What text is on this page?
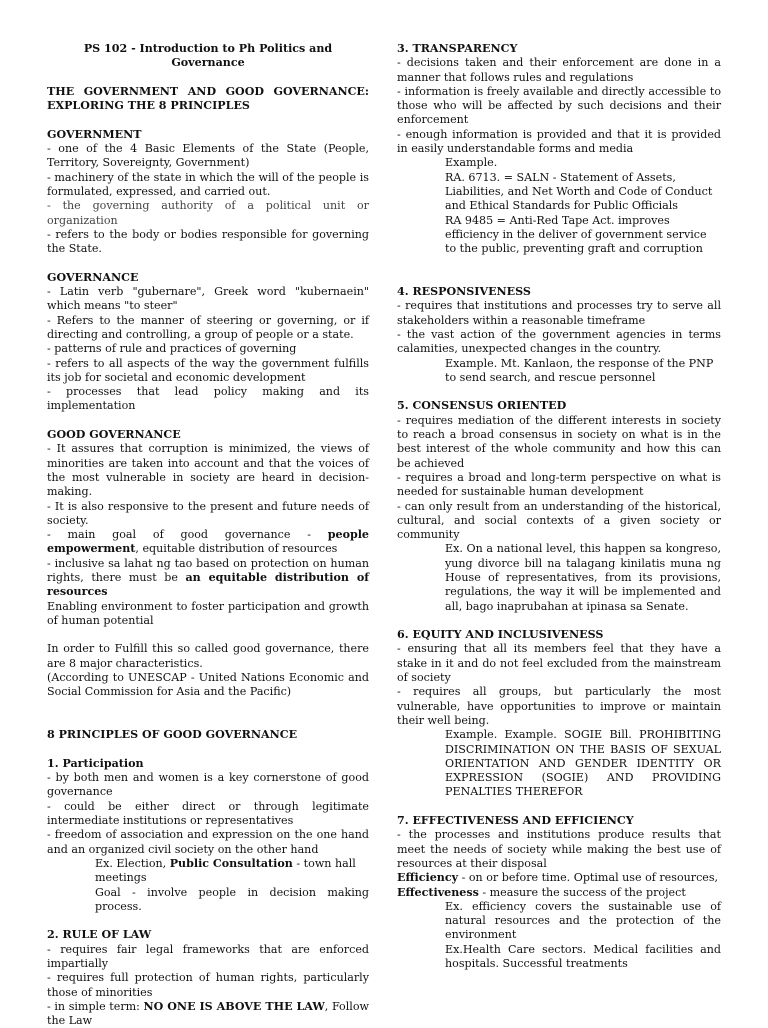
PS 102 - Introduction to Ph Politics and Governance

THE GOVERNMENT AND GOOD GOVERNANCE: EXPLORING THE 8 PRINCIPLES

GOVERNMENT

- one of the 4 Basic Elements of the State (People, Territory, Sovereignty, Government)

- machinery of the state in which the will of the people is formulated, expressed, and carried out.

- the governing authority of a political unit or organization

- refers to the body or bodies responsible for governing the State.

GOVERNANCE

- Latin verb "gubernare", Greek word "kubernaein" which means "to steer"

- Refers to the manner of steering or governing, or if directing and controlling, a group of people or a state.

- patterns of rule and practices of governing

- refers to all aspects of the way the government fulfills its job for societal and economic development

- processes that lead policy making and its implementation

GOOD GOVERNANCE

- It assures that corruption is minimized, the views of minorities are taken into account and that the voices of the most vulnerable in society are heard in decision-making.

- It is also responsive to the present and future needs of society.

- main goal of good governance - people empowerment, equitable distribution of resources

- inclusive sa lahat ng tao based on protection on human rights, there must be an equitable distribution of resources

Enabling environment to foster participation and growth of human potential

In order to Fulfill this so called good governance, there are 8 major characteristics.

(According to UNESCAP - United Nations Economic and Social Commission for Asia and the Pacific)

8 PRINCIPLES OF GOOD GOVERNANCE

1. Participation

- by both men and women is a key cornerstone of good governance

- could be either direct or through legitimate intermediate institutions or representatives

- freedom of association and expression on the one hand and an organized civil society on the other hand

Ex. Election, Public Consultation - town hall meetings

Goal - involve people in decision making process.

2. RULE OF LAW

- requires fair legal frameworks that are enforced impartially

- requires full protection of human rights, particularly those of minorities

- in simple term: NO ONE IS ABOVE THE LAW, Follow the Law

3. TRANSPARENCY

- decisions taken and their enforcement are done in a manner that follows rules and regulations

- information is freely available and directly accessible to those who will be affected by such decisions and their enforcement

- enough information is provided and that it is provided in easily understandable forms and media

Example.

RA. 6713. = SALN - Statement of Assets, Liabilities, and Net Worth and Code of Conduct and Ethical Standards for Public Officials

RA 9485 = Anti-Red Tape Act. improves efficiency in the deliver of government service to the public, preventing graft and corruption

4. RESPONSIVENESS

- requires that institutions and processes try to serve all stakeholders within a reasonable timeframe

- the vast action of the government agencies in terms calamities, unexpected changes in the country.

Example. Mt. Kanlaon, the response of the PNP to send search, and rescue personnel

5. CONSENSUS ORIENTED

- requires mediation of the different interests in society to reach a broad consensus in society on what is in the best interest of the whole community and how this can be achieved

- requires a broad and long-term perspective on what is needed for sustainable human development

- can only result from an understanding of the historical, cultural, and social contexts of a given society or community

Ex. On a national level, this happen sa kongreso, yung divorce bill na talagang kinilatis muna ng House of representatives, from its provisions, regulations, the way it will be implemented and all, bago inaprubahan at ipinasa sa Senate.

6. EQUITY AND INCLUSIVENESS

- ensuring that all its members feel that they have a stake in it and do not feel excluded from the mainstream of society

- requires all groups, but particularly the most vulnerable, have opportunities to improve or maintain their well being.

Example. Example. SOGIE Bill. PROHIBITING DISCRIMINATION ON THE BASIS OF SEXUAL ORIENTATION AND GENDER IDENTITY OR EXPRESSION (SOGIE) AND PROVIDING PENALTIES THEREFOR

7. EFFECTIVENESS AND EFFICIENCY

- the processes and institutions produce results that meet the needs of society while making the best use of resources at their disposal

Efficiency - on or before time. Optimal use of resources,

Effectiveness - measure the success of the project

Ex. efficiency covers the sustainable use of natural resources and the protection of the environment

Ex.Health Care sectors. Medical facilities and hospitals. Successful treatments
